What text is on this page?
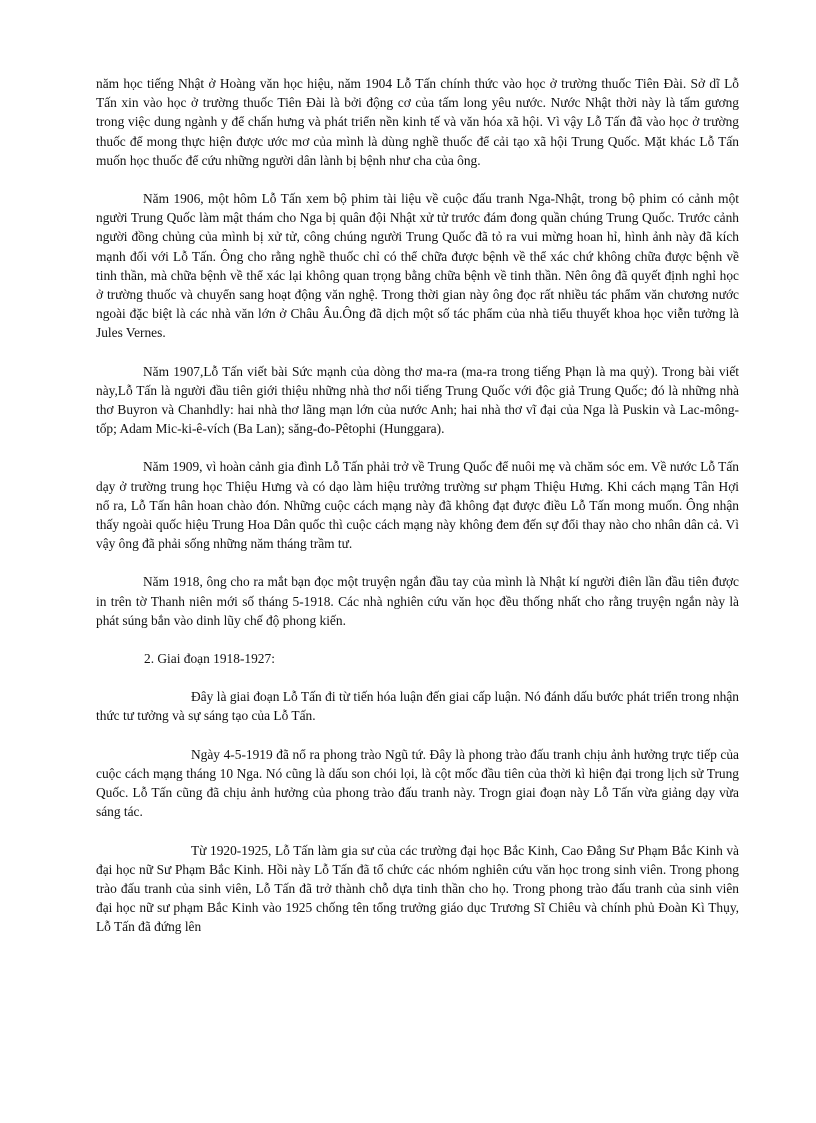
năm học tiếng Nhật ở Hoàng văn học hiệu, năm 1904 Lỗ Tấn chính thức vào học ở trường thuốc Tiên Đài. Sở dĩ Lỗ Tấn xin vào học ở trường thuốc Tiên Đài là bởi động cơ của tấm long yêu nước. Nước Nhật thời này là tấm gương trong việc dung ngành y để chấn hưng và phát triển nền kinh tế và văn hóa xã hội. Vì vậy Lỗ Tấn đã vào học ở trường thuốc để mong thực hiện được ước mơ của mình là dùng nghề thuốc để cải tạo xã hội Trung Quốc. Mặt khác Lỗ Tấn muốn học thuốc để cứu những người dân lành bị bệnh như cha của ông.

Năm 1906, một hôm Lỗ Tấn xem bộ phim tài liệu về cuộc đấu tranh Nga-Nhật, trong bộ phim có cảnh một người Trung Quốc làm mật thám cho Nga bị quân đội Nhật xử tử trước đám đong quần chúng Trung Quốc. Trước cảnh người đồng chủng của mình bị xử tử, công chúng người Trung Quốc đã tỏ ra vui mừng hoan hỉ, hình ảnh này đã kích mạnh đối với Lỗ Tấn. Ông cho rằng nghề thuốc chỉ có thể chữa được bệnh về thể xác chứ không chữa được bệnh về tinh thần, mà chữa bệnh về thể xác lại không quan trọng bằng chữa bệnh về tinh thần. Nên ông đã quyết định nghỉ học ở trường thuốc và chuyển sang hoạt động văn nghệ. Trong thời gian này ông đọc rất nhiều tác phẩm văn chương nước ngoài đặc biệt là các nhà văn lớn ở Châu Âu.Ông đã dịch một số tác phẩm của nhà tiểu thuyết khoa học viễn tưởng là Jules Vernes.

Năm 1907,Lỗ Tấn viết bài Sức mạnh của dòng thơ ma-ra (ma-ra trong tiếng Phạn là ma quỷ). Trong bài viết này,Lỗ Tấn là người đầu tiên giới thiệu những nhà thơ nổi tiếng Trung Quốc với độc giả Trung Quốc; đó là những nhà thơ Buyron và Chanhdly: hai nhà thơ lãng mạn lớn của nước Anh; hai nhà thơ vĩ đại của Nga là Puskin và Lac-mông-tốp; Adam Mic-ki-ê-vích (Ba Lan); săng-đo-Pêtophi (Hunggara).

Năm 1909, vì hoàn cảnh gia đình Lỗ Tấn phải trở về Trung Quốc để nuôi mẹ và chăm sóc em. Về nước Lỗ Tấn dạy ở trường trung học Thiệu Hưng và có dạo làm hiệu trưởng trường sư phạm Thiệu Hưng. Khi cách mạng Tân Hợi nổ ra, Lỗ Tấn hân hoan chào đón. Những cuộc cách mạng này đã không đạt được điều Lỗ Tấn mong muốn. Ông nhận thấy ngoài quốc hiệu Trung Hoa Dân quốc thì cuộc cách mạng này không đem đến sự đổi thay nào cho nhân dân cả. Vì vậy ông đã phải sống những năm tháng trầm tư.

Năm 1918, ông cho ra mắt bạn đọc một truyện ngắn đầu tay của mình là Nhật kí người điên lần đầu tiên được in trên tờ Thanh niên mới số tháng 5-1918. Các nhà nghiên cứu văn học đều thống nhất cho rằng truyện ngắn này là phát súng bắn vào dinh lũy chế độ phong kiến.

2. Giai đoạn 1918-1927:

Đây là giai đoạn Lỗ Tấn đi từ tiến hóa luận đến giai cấp luận. Nó đánh dấu bước phát triển trong nhận thức tư tưởng và sự sáng tạo của Lỗ Tấn.

Ngày 4-5-1919 đã nổ ra phong trào Ngũ tứ. Đây là phong trào đấu tranh chịu ảnh hưởng trực tiếp của cuộc cách mạng tháng 10 Nga. Nó cũng là dấu son chói lọi, là cột mốc đầu tiên của thời kì hiện đại trong lịch sử Trung Quốc. Lỗ Tấn cũng đã chịu ảnh hưởng của phong trào đấu tranh này. Trogn giai đoạn này Lỗ Tấn vừa giảng dạy vừa sáng tác.

Từ 1920-1925, Lỗ Tấn làm gia sư của các trường đại học Bắc Kinh, Cao Đẳng Sư Phạm Bắc Kinh và đại học nữ Sư Phạm Bắc Kinh. Hồi này Lỗ Tấn đã tổ chức các nhóm nghiên cứu văn học trong sinh viên. Trong phong trào đấu tranh của sinh viên, Lỗ Tấn đã trở thành chỗ dựa tinh thần cho họ. Trong phong trào đấu tranh của sinh viên đại học nữ sư phạm Bắc Kinh vào 1925 chống tên tổng trưởng giáo dục Trương Sĩ Chiêu và chính phủ Đoàn Kì Thụy, Lỗ Tấn đã đứng lên
